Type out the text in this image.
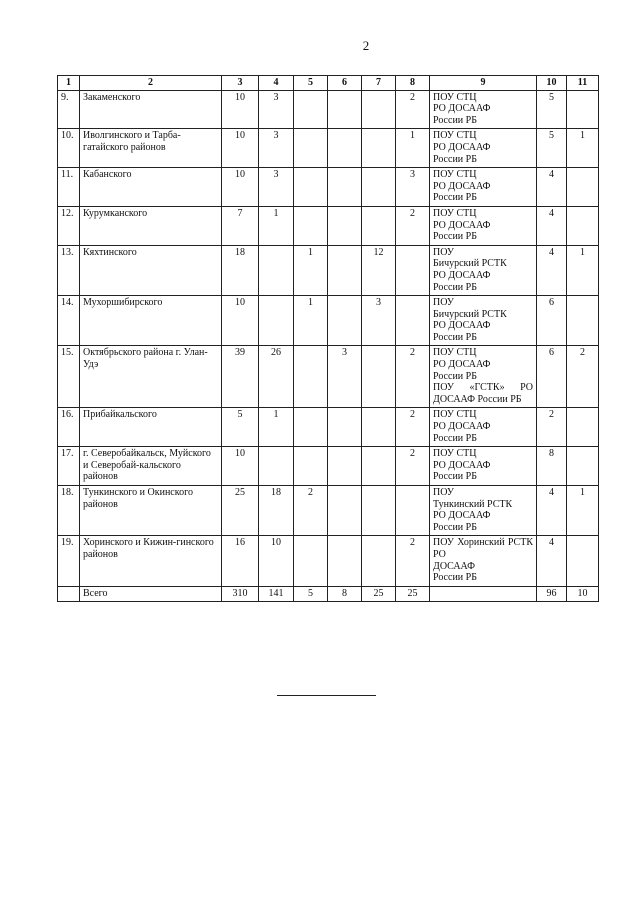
2
1	2	3	4	5	6	7	8	9	10	11
9.	Закаменского	10	3				2	ПОУ СТЦ
РО ДОСААФ
России РБ	5	
10.	Иволгинского и Тарба-гатайского районов	10	3				1	ПОУ СТЦ
РО ДОСААФ
России РБ	5	1
11.	Кабанского	10	3				3	ПОУ СТЦ
РО ДОСААФ
России РБ	4	
12.	Курумканского	7	1				2	ПОУ СТЦ
РО ДОСААФ
России РБ	4	
13.	Кяхтинского	18		1		12		ПОУ
Бичурский РСТК
РО ДОСААФ
России РБ	4	1
14.	Мухоршибирского	10		1		3		ПОУ
Бичурский РСТК
РО ДОСААФ
России РБ	6	
15.	Октябрьского района г. Улан-Удэ	39	26		3		2	ПОУ СТЦ
РО ДОСААФ
России РБ
ПОУ «ГСТК» РО ДОСААФ России РБ	6	2
16.	Прибайкальского	5	1				2	ПОУ СТЦ
РО ДОСААФ
России РБ	2	
17.	г. Северобайкальск, Муйского и Северобай-кальского районов	10					2	ПОУ СТЦ
РО ДОСААФ
России РБ	8	
18.	Тункинского и Окинского районов	25	18	2				ПОУ
Тункинский РСТК
РО ДОСААФ
России РБ	4	1
19.	Хоринского и Кижин-гинского районов	16	10				2	ПОУ Хоринский РСТК РО
ДОСААФ
России РБ	4	
	Всего	310	141	5	8	25	25		96	10
